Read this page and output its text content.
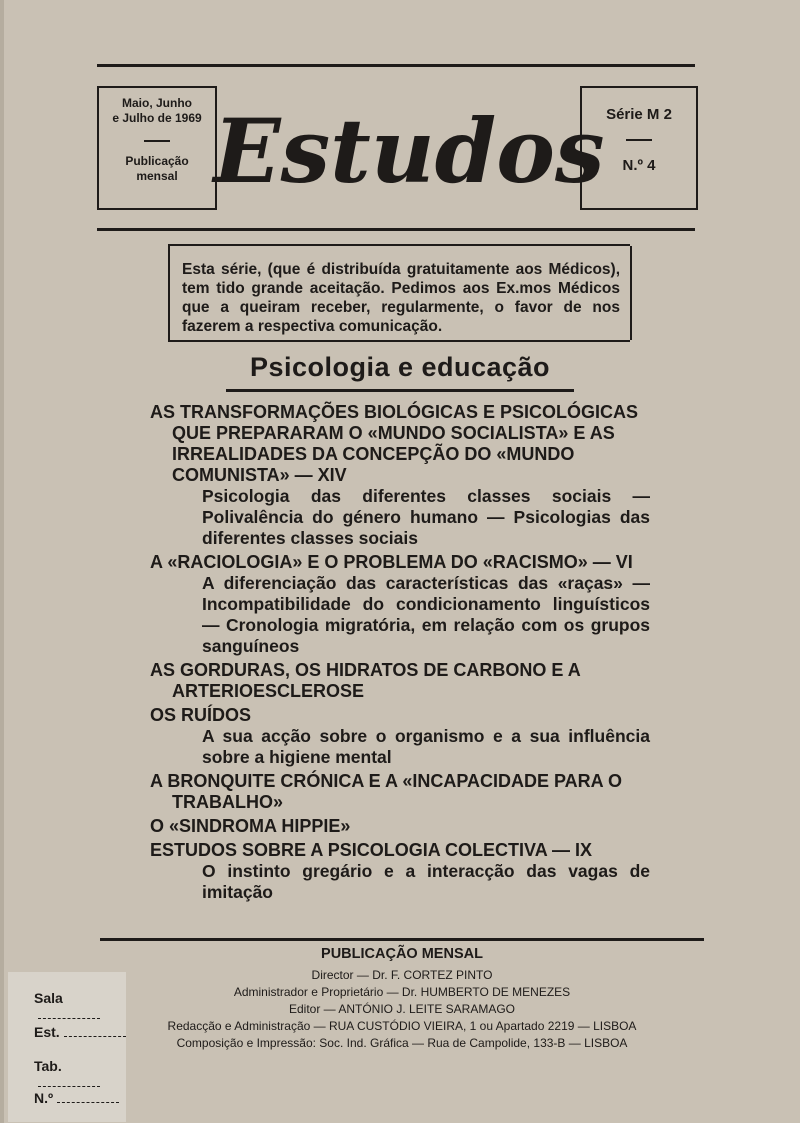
Maio, Junho
e Julho de 1969
Publicação
mensal Estudos Série M 2
N.º 4

Esta série, (que é distribuída gratuitamente aos Médicos), tem tido grande aceitação. Pedimos aos Ex.mos Médicos que a queiram receber, regularmente, o favor de nos fazerem a respectiva comunicação.

Psicologia e educação
AS TRANSFORMAÇÕES BIOLÓGICAS E PSICOLÓGICAS QUE PREPARARAM O «MUNDO SOCIALISTA» E AS IRREALIDADES DA CONCEPÇÃO DO «MUNDO COMUNISTA» — XIV
Psicologia das diferentes classes sociais — Polivalência do género humano — Psicologias das diferentes classes sociais
A «RACIOLOGIA» E O PROBLEMA DO «RACISMO» — VI
A diferenciação das características das «raças» — Incompatibilidade do condicionamento linguísticos — Cronologia migratória, em relação com os grupos sanguíneos
AS GORDURAS, OS HIDRATOS DE CARBONO E A ARTERIOESCLEROSE
OS RUÍDOS
A sua acção sobre o organismo e a sua influência sobre a higiene mental
A BRONQUITE CRÓNICA E A «INCAPACIDADE PARA O TRABALHO»
O «SINDROMA HIPPIE»
ESTUDOS SOBRE A PSICOLOGIA COLECTIVA — IX
O instinto gregário e a interacção das vagas de imitação
PUBLICAÇÃO MENSAL
Director — Dr. F. CORTEZ PINTO
Administrador e Proprietário — Dr. HUMBERTO DE MENEZES
Editor — ANTÓNIO J. LEITE SARAMAGO
Redacção e Administração — RUA CUSTÓDIO VIEIRA, 1 ou Apartado 2219 — LISBOA
Composição e Impressão: Soc. Ind. Gráfica — Rua de Campolide, 133-B — LISBOA
Sala
Est.
Tab.
N.º
